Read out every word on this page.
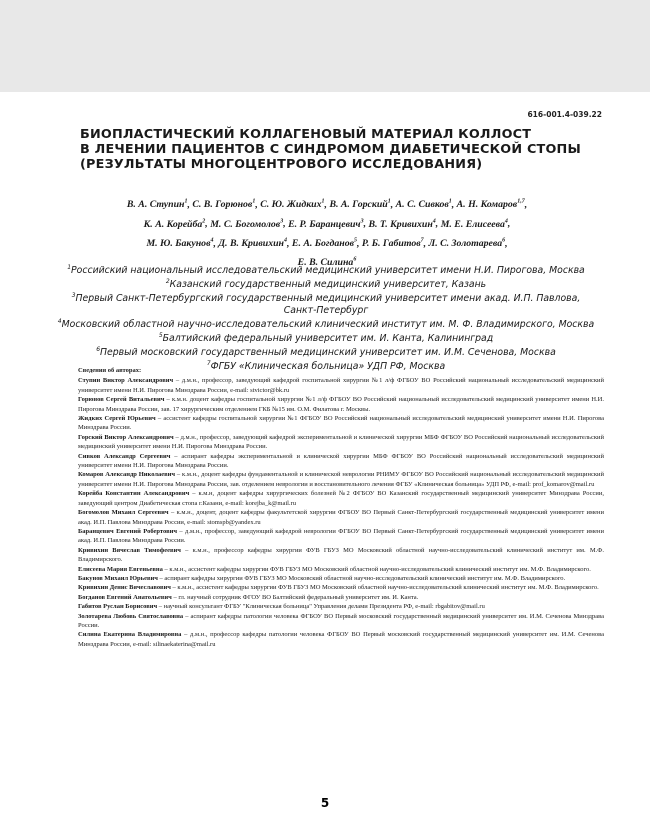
616-001.4-039.22
БИОПЛАСТИЧЕСКИЙ КОЛЛАГЕНОВЫЙ МАТЕРИАЛ КОЛЛОСТ
В ЛЕЧЕНИИ ПАЦИЕНТОВ С СИНДРОМОМ ДИАБЕТИЧЕСКОЙ СТОПЫ
(РЕЗУЛЬТАТЫ МНОГОЦЕНТРОВОГО ИССЛЕДОВАНИЯ)
В. А. Ступин$^1$, С. В. Горюнов$^1$, С. Ю. Жидких$^1$, В. А. Горский$^1$, А. С. Сивков$^1$, А. Н. Комаров$^{1,7}$,
К. А. Корейба$^2$, М. С. Богомолов$^3$, Е. Р. Баранцевич$^3$, В. Т. Кривихин$^4$, М. Е. Елисеева$^4$,
М. Ю. Бакунов$^4$, Д. В. Кривихин$^4$, Е. А. Богданов$^5$, Р. Б. Габитов$^7$, Л. С. Золотарева$^6$,
Е. В. Силина$^6$
$^1$Российский национальный исследовательский медицинский университет имени Н.И. Пирогова, Москва
$^2$Казанский государственный медицинский университет, Казань
$^3$Первый Санкт-Петербургский государственный медицинский университет имени акад. И.П. Павлова,
Санкт-Петербург
$^4$Московский областной научно-исследовательский клинический институт им. М. Ф. Владимирского, Москва
$^5$Балтийский федеральный университет им. И. Канта, Калининград
$^6$Первый московский государственный медицинский университет им. И.М. Сеченова, Москва
$^7$ФГБУ «Клиническая больница» УДП РФ, Москва
Сведения об авторах:
Ступин Виктор Александрович – д.м.н., профессор, заведующий кафедрой госпитальной хирургии №1 л/ф ФГБОУ ВО Российский национальный исследовательский медицинский университет имени Н.И. Пирогова Минздрава России, e-mail: stvictor@bk.ru
Горюнов Сергей Витальевич – к.м.н. доцент кафедры госпитальной хирургии №1 л/ф ФГБОУ ВО Российский национальный исследовательский медицинский университет имени Н.И. Пирогова Минздрава России, зав. 17 хирургическим отделением ГКБ №15 им. О.М. Филатова г. Москвы.
Жидких Сергей Юрьевич – ассистент кафедры госпитальной хирургии №1 ФГБОУ ВО Российский национальный исследовательский медицинский университет имени Н.И. Пирогова Минздрава России.
Горский Виктор Александрович – д.м.н., профессор, заведующий кафедрой экспериментальной и клинической хирургии МБФ ФГБОУ ВО Российский национальный исследовательский медицинский университет имени Н.И. Пирогова Минздрава России.
Сивков Александр Сергеевич – аспирант кафедры экспериментальной и клинической хирургии МБФ ФГБОУ ВО Российский национальный исследовательский медицинский университет имени Н.И. Пирогова Минздрава России.
Комаров Александр Николаевич – к.м.н., доцент кафедры фундаментальной и клинической неврологии РНИМУ ФГБОУ ВО Российский национальный исследовательский медицинский университет имени Н.И. Пирогова Минздрава России, зав. отделением неврологии и восстановительного лечения ФГБУ «Клиническая больница» УДП РФ, e-mail: prof_komarov@mail.ru
Корейба Константин Александрович – к.м.н, доцент кафедры хирургических болезней №2 ФГБОУ ВО Казанский государственный медицинский университет Минздрава России, заведующий центром Диабетическая стопа г.Казани, e-mail: korejba_k@mail.ru
Богомолов Михаил Сергеевич – к.м.н., доцент, доцент кафедры факультетской хирургии ФГБОУ ВО Первый Санкт-Петербургский государственный медицинский университет имени акад. И.П. Павлова Минздрава России, e-mail: stomspb@yandex.ru
Баранцевич Евгений Робертович – д.м.н., профессор, заведующий кафедрой неврологии ФГБОУ ВО Первый Санкт-Петербургский государственный медицинский университет имени акад. И.П. Павлова Минздрава России.
Кривихин Вячеслав Тимофеевич – к.м.н., профессор кафедры хирургии ФУВ ГБУЗ МО Московский областной научно-исследовательский клинический институт им. М.Ф. Владимирского.
Елисеева Мария Евгеньевна – к.м.н., ассистент кафедры хирургии ФУВ ГБУЗ МО Московский областной научно-исследовательский клинический институт им. М.Ф. Владимирского.
Бакунов Михаил Юрьевич – аспирант кафедры хирургии ФУВ ГБУЗ МО Московский областной научно-исследовательский клинический институт им. М.Ф. Владимирского.
Кривихин Денис Вячеславович – к.м.н., ассистент кафедры хирургии ФУВ ГБУЗ МО Московский областной научно-исследовательский клинический институт им. М.Ф. Владимирского.
Богданов Евгений Анатольевич – гл. научный сотрудник ФГОУ ВО Балтийский федеральный университет им. И. Канта.
Габитов Руслан Борисович – научный консультант ФГБУ "Клиническая больница" Управления делами Президента РФ, e-mail: rbgabitov@mail.ru
Золотарева Любовь Святославовна – аспирант кафедры патологии человека ФГБОУ ВО Первый московский государственный медицинский университет им. И.М. Сеченова Минздрава России.
Силина Екатерина Владимировна – д.м.н., профессор кафедры патологии человека ФГБОУ ВО Первый московский государственный медицинский университет им. И.М. Сеченова Минздрава России, e-mail: silinaekaterina@mail.ru
5
